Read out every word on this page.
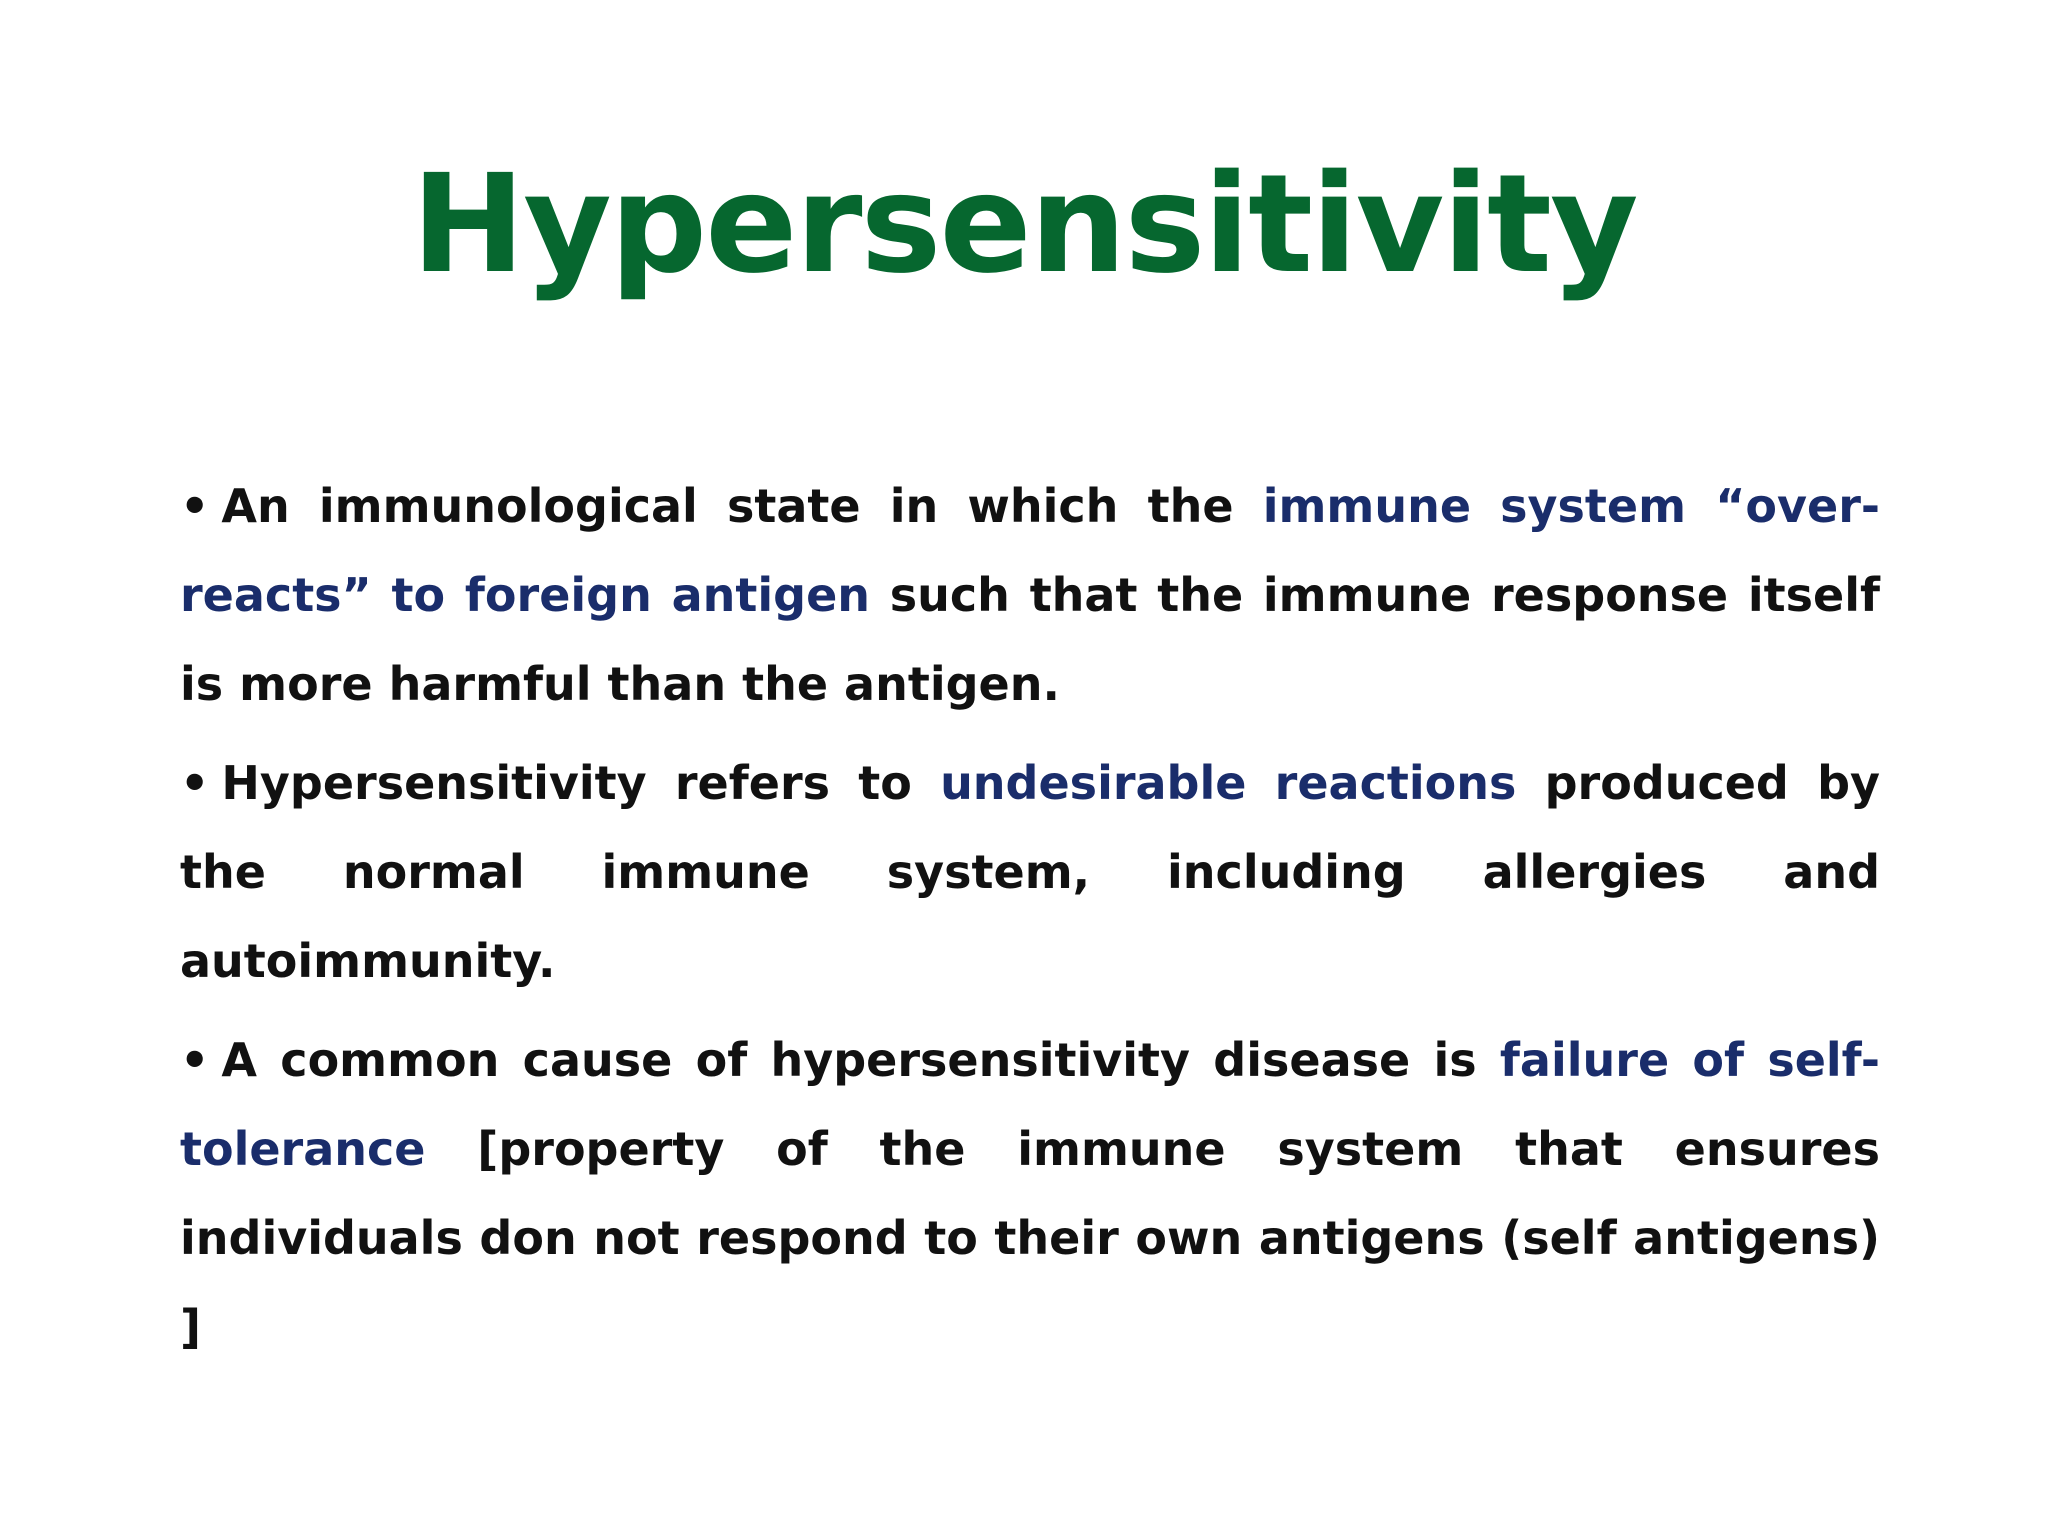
Hypersensitivity

• An immunological state in which the immune system “over-reacts” to foreign antigen such that the immune response itself is more harmful than the antigen.

• Hypersensitivity refers to undesirable reactions produced by the normal immune system, including allergies and autoimmunity.

• A common cause of hypersensitivity disease is failure of self-tolerance [property of the immune system that ensures individuals don not respond to their own antigens (self antigens) ]
